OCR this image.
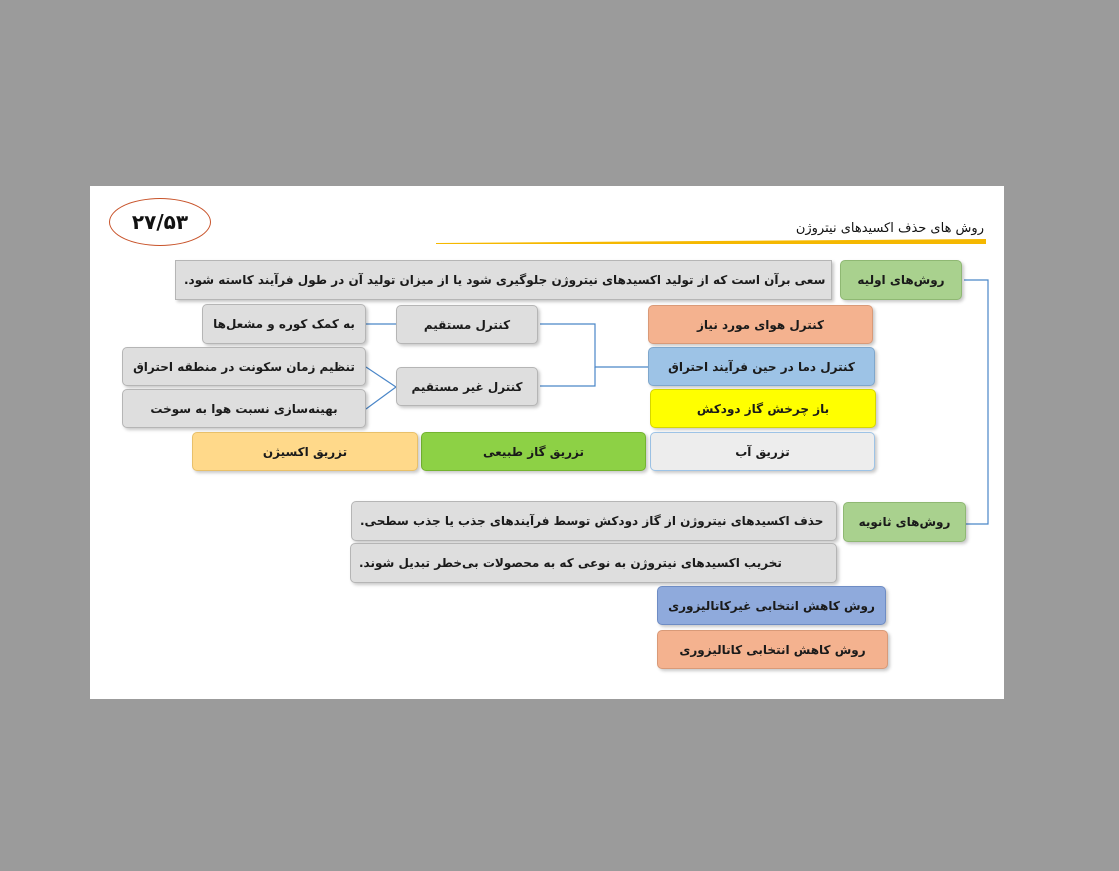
۲۷/۵۳	روش های حذف اکسیدهای نیتروژن
روش‌های اولیه
سعی برآن است که از تولید اکسیدهای نیتروژن جلوگیری شود یا از میزان تولید آن در طول فرآیند کاسته شود.
کنترل هوای مورد نیاز
کنترل دما در حین فرآیند احتراق
باز چرخش گاز دودکش
تزریق آب
کنترل مستقیم
کنترل غیر مستقیم
به کمک کوره و مشعل‌ها
تنظیم زمان سکونت در منطقه احتراق
بهینه‌سازی نسبت هوا به سوخت
تزریق گاز طبیعی
تزریق اکسیژن
روش‌های ثانویه
حذف اکسیدهای نیتروژن از گاز دودکش توسط فرآیندهای جذب یا جذب سطحی.
تخریب اکسیدهای نیتروژن به نوعی که به محصولات بی‌خطر تبدیل شوند.
روش کاهش انتخابی غیرکاتالیزوری
روش کاهش انتخابی کاتالیزوری
